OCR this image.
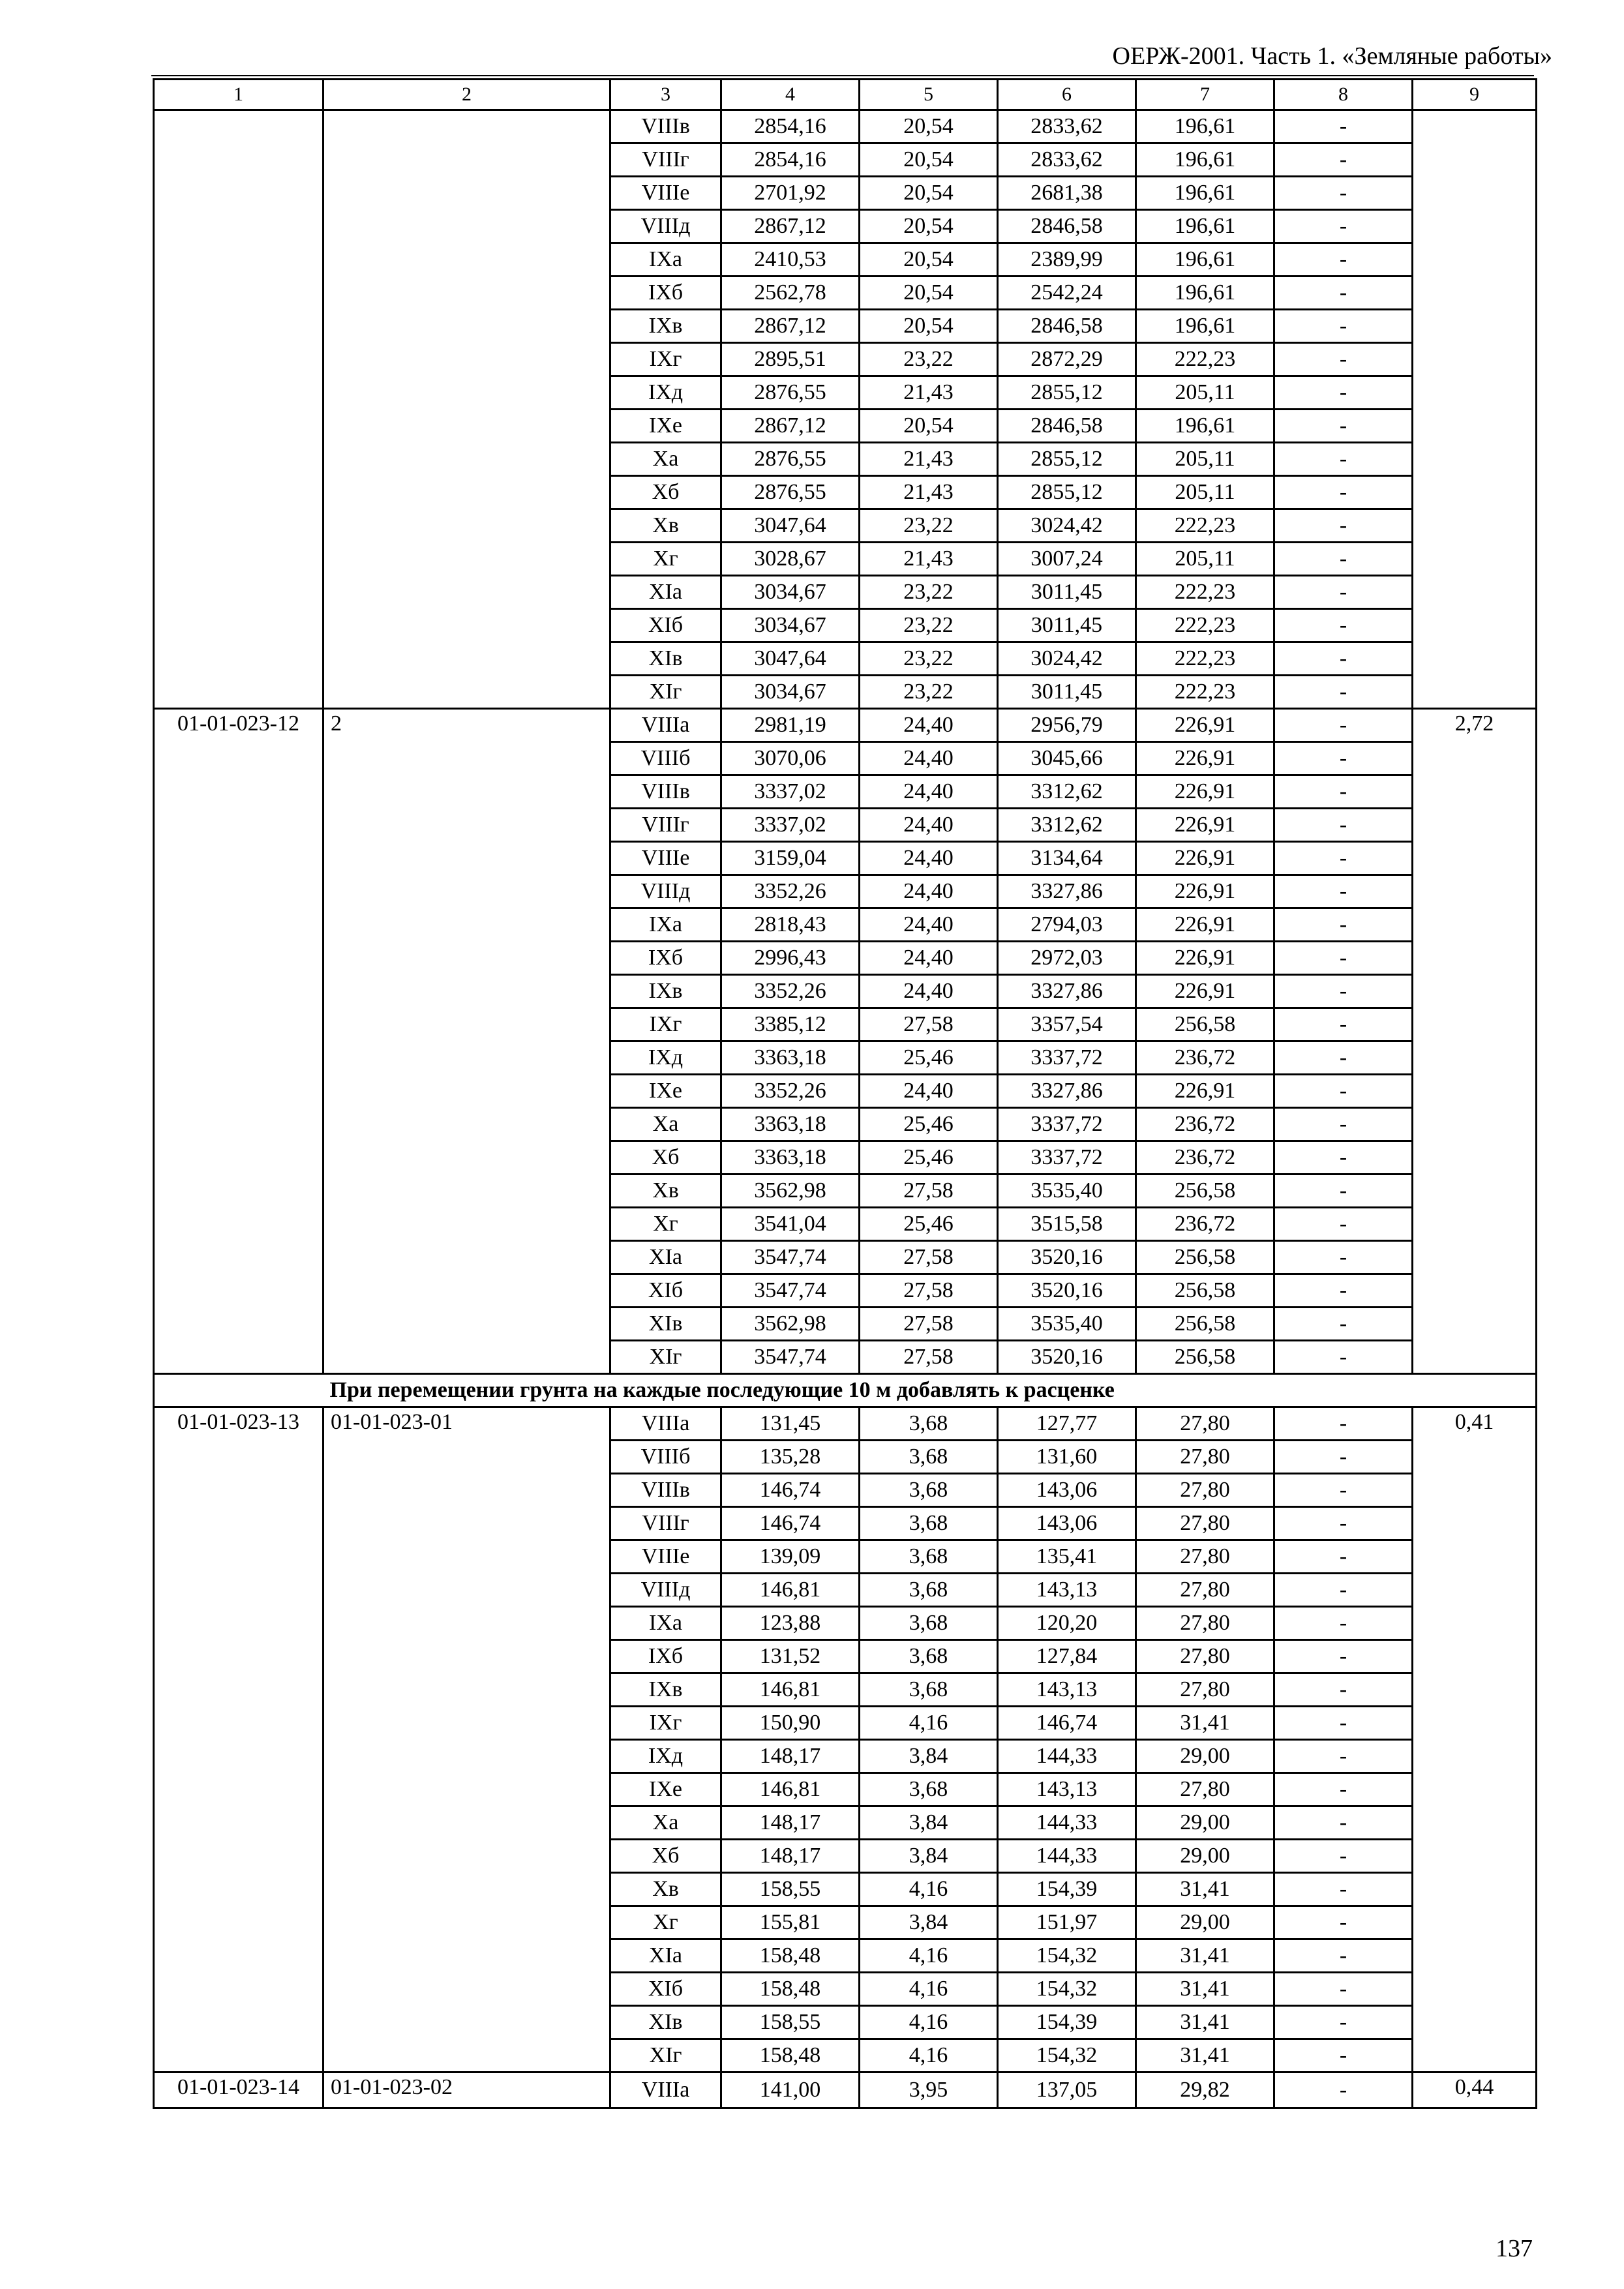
ОЕРЖ-2001. Часть 1. «Земляные работы»
1	2	3	4	5	6	7	8	9
		VIIIв	2854,16	20,54	2833,62	196,61	-	
		VIIIг	2854,16	20,54	2833,62	196,61	-	
		VIIIе	2701,92	20,54	2681,38	196,61	-	
		VIIIд	2867,12	20,54	2846,58	196,61	-	
		IXа	2410,53	20,54	2389,99	196,61	-	
		IXб	2562,78	20,54	2542,24	196,61	-	
		IXв	2867,12	20,54	2846,58	196,61	-	
		IXг	2895,51	23,22	2872,29	222,23	-	
		IXд	2876,55	21,43	2855,12	205,11	-	
		IXе	2867,12	20,54	2846,58	196,61	-	
		Xа	2876,55	21,43	2855,12	205,11	-	
		Xб	2876,55	21,43	2855,12	205,11	-	
		Xв	3047,64	23,22	3024,42	222,23	-	
		Xг	3028,67	21,43	3007,24	205,11	-	
		XIа	3034,67	23,22	3011,45	222,23	-	
		XIб	3034,67	23,22	3011,45	222,23	-	
		XIв	3047,64	23,22	3024,42	222,23	-	
		XIг	3034,67	23,22	3011,45	222,23	-	
01-01-023-12	2	VIIIа	2981,19	24,40	2956,79	226,91	-	2,72
		VIIIб	3070,06	24,40	3045,66	226,91	-	
		VIIIв	3337,02	24,40	3312,62	226,91	-	
		VIIIг	3337,02	24,40	3312,62	226,91	-	
		VIIIе	3159,04	24,40	3134,64	226,91	-	
		VIIIд	3352,26	24,40	3327,86	226,91	-	
		IXа	2818,43	24,40	2794,03	226,91	-	
		IXб	2996,43	24,40	2972,03	226,91	-	
		IXв	3352,26	24,40	3327,86	226,91	-	
		IXг	3385,12	27,58	3357,54	256,58	-	
		IXд	3363,18	25,46	3337,72	236,72	-	
		IXе	3352,26	24,40	3327,86	226,91	-	
		Xа	3363,18	25,46	3337,72	236,72	-	
		Xб	3363,18	25,46	3337,72	236,72	-	
		Xв	3562,98	27,58	3535,40	256,58	-	
		Xг	3541,04	25,46	3515,58	236,72	-	
		XIа	3547,74	27,58	3520,16	256,58	-	
		XIб	3547,74	27,58	3520,16	256,58	-	
		XIв	3562,98	27,58	3535,40	256,58	-	
		XIг	3547,74	27,58	3520,16	256,58	-	
	При перемещении грунта на каждые последующие 10 м добавлять к расценке							
01-01-023-13	01-01-023-01	VIIIа	131,45	3,68	127,77	27,80	-	0,41
		VIIIб	135,28	3,68	131,60	27,80	-	
		VIIIв	146,74	3,68	143,06	27,80	-	
		VIIIг	146,74	3,68	143,06	27,80	-	
		VIIIе	139,09	3,68	135,41	27,80	-	
		VIIIд	146,81	3,68	143,13	27,80	-	
		IXа	123,88	3,68	120,20	27,80	-	
		IXб	131,52	3,68	127,84	27,80	-	
		IXв	146,81	3,68	143,13	27,80	-	
		IXг	150,90	4,16	146,74	31,41	-	
		IXд	148,17	3,84	144,33	29,00	-	
		IXе	146,81	3,68	143,13	27,80	-	
		Xа	148,17	3,84	144,33	29,00	-	
		Xб	148,17	3,84	144,33	29,00	-	
		Xв	158,55	4,16	154,39	31,41	-	
		Xг	155,81	3,84	151,97	29,00	-	
		XIа	158,48	4,16	154,32	31,41	-	
		XIб	158,48	4,16	154,32	31,41	-	
		XIв	158,55	4,16	154,39	31,41	-	
		XIг	158,48	4,16	154,32	31,41	-	
01-01-023-14	01-01-023-02	VIIIа	141,00	3,95	137,05	29,82	-	0,44
137
